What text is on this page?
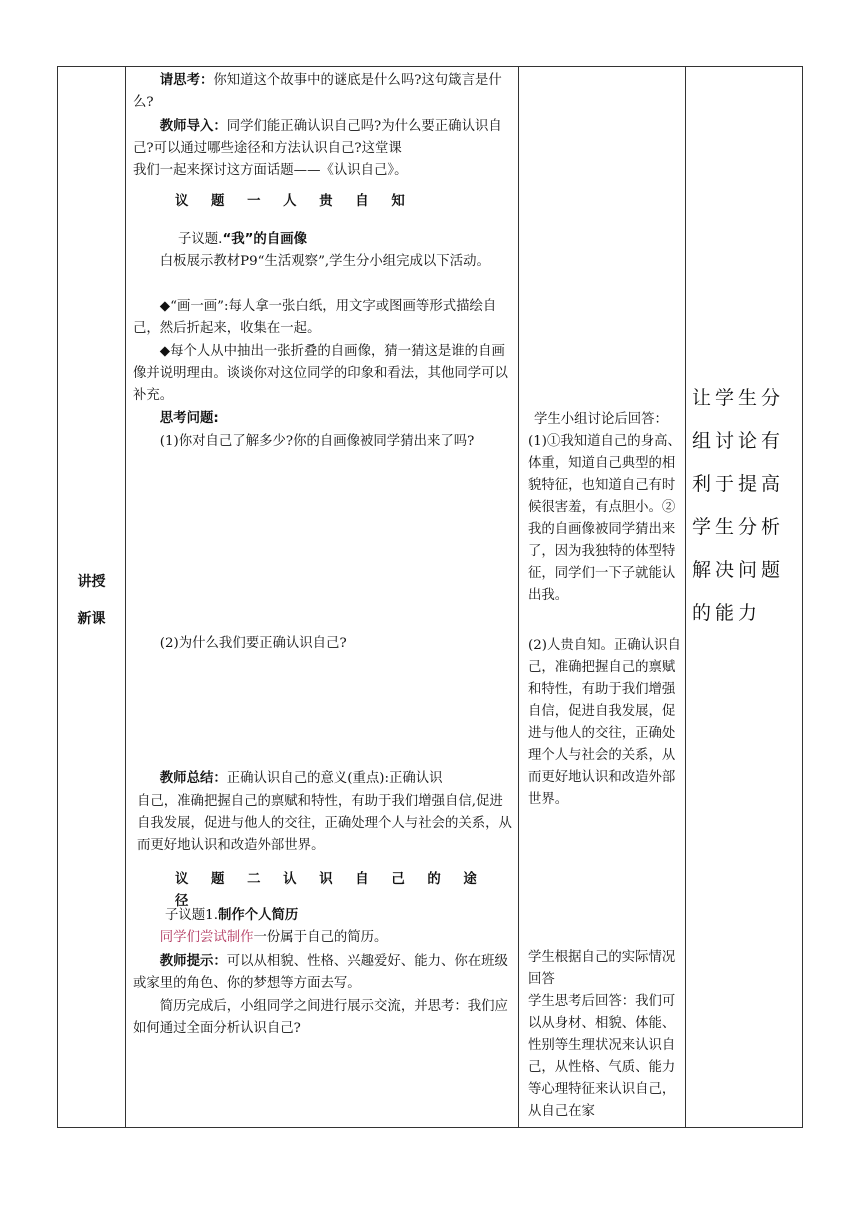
讲授

新课

请思考：你知道这个故事中的谜底是什么吗?这句箴言是什么?

教师导入：同学们能正确认识自己吗?为什么要正确认识自己?可以通过哪些途径和方法认识自己?这堂课

我们一起来探讨这方面话题——《认识自己》。

议 题 一 人 贵 自 知

子议题.“我”的自画像

白板展示教材P9“生活观察”,学生分小组完成以下活动。

◆“画一画”:每人拿一张白纸，用文字或图画等形式描绘自己，然后折起来，收集在一起。

◆每个人从中抽出一张折叠的自画像，猜一猜这是谁的自画像并说明理由。谈谈你对这位同学的印象和看法，其他同学可以补充。

思考问题:

(1)你对自己了解多少?你的自画像被同学猜出来了吗?

(2)为什么我们要正确认识自己?

教师总结：正确认识自己的意义(重点):正确认识

自己，准确把握自己的禀赋和特性，有助于我们增强自信,促进自我发展，促进与他人的交往，正确处理个人与社会的关系，从而更好地认识和改造外部世界。

议 题 二 认 识 自 己 的 途 径

子议题1.制作个人简历

同学们尝试制作一份属于自己的简历。

教师提示：可以从相貌、性格、兴趣爱好、能力、你在班级或家里的角色、你的梦想等方面去写。

简历完成后，小组同学之间进行展示交流，并思考：我们应如何通过全面分析认识自己?

学生小组讨论后回答：

(1)①我知道自己的身高、体重，知道自己典型的相貌特征，也知道自己有时候很害羞，有点胆小。②我的自画像被同学猜出来了，因为我独特的体型特征，同学们一下子就能认出我。

(2)人贵自知。正确认识自己，准确把握自己的禀赋和特性，有助于我们增强自信，促进自我发展，促进与他人的交往，正确处理个人与社会的关系，从而更好地认识和改造外部世界。

学生根据自己的实际情况回答

学生思考后回答：我们可以从身材、相貌、体能、性别等生理状况来认识自己，从性格、气质、能力等心理特征来认识自己，从自己在家

让学生分组讨论有利于提高学生分析解决问题的能力
